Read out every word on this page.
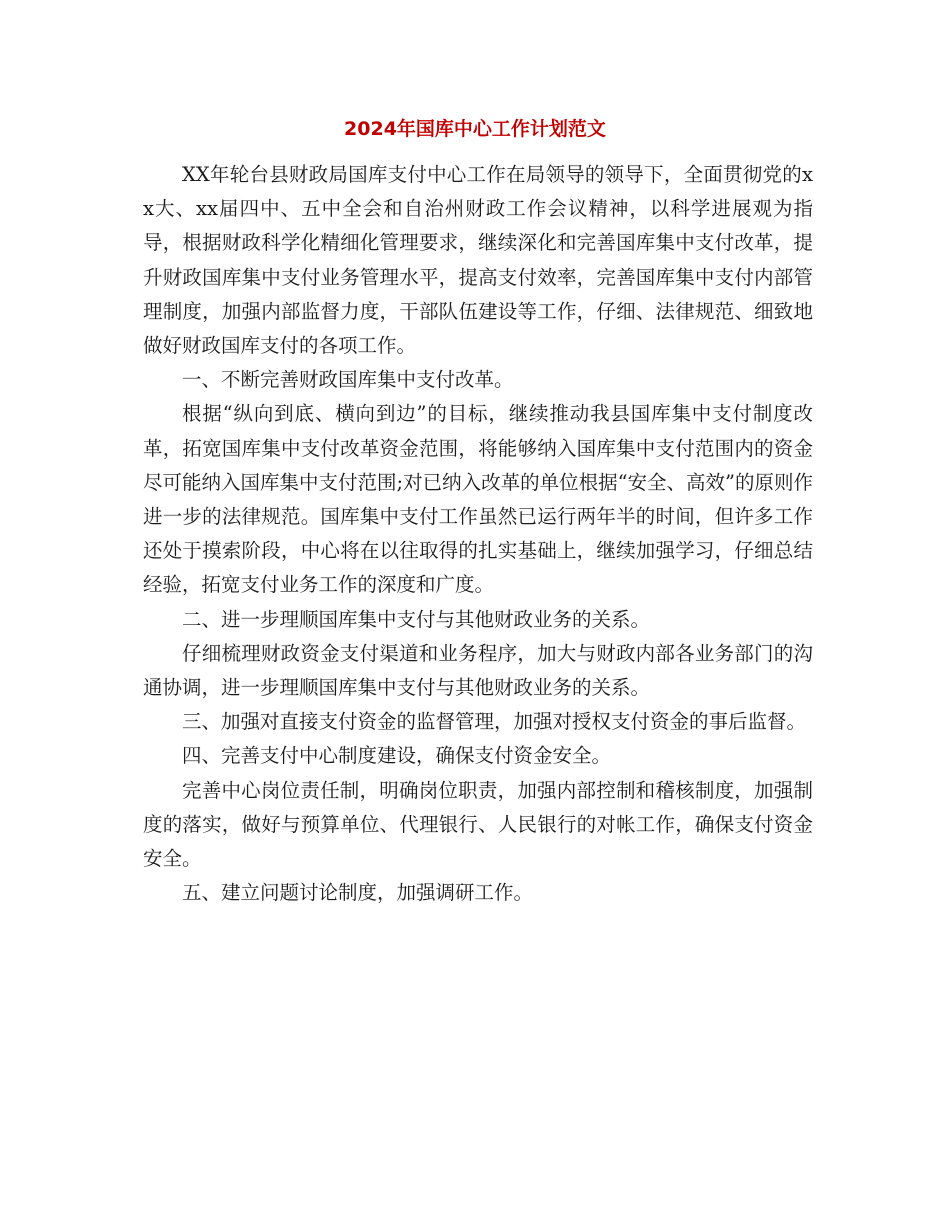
2024年国库中心工作计划范文

XX年轮台县财政局国库支付中心工作在局领导的领导下，全面贯彻党的xx大、xx届四中、五中全会和自治州财政工作会议精神，以科学进展观为指导，根据财政科学化精细化管理要求，继续深化和完善国库集中支付改革，提升财政国库集中支付业务管理水平，提高支付效率，完善国库集中支付内部管理制度，加强内部监督力度，干部队伍建设等工作，仔细、法律规范、细致地做好财政国库支付的各项工作。

一、不断完善财政国库集中支付改革。

根据“纵向到底、横向到边”的目标，继续推动我县国库集中支付制度改革，拓宽国库集中支付改革资金范围，将能够纳入国库集中支付范围内的资金尽可能纳入国库集中支付范围;对已纳入改革的单位根据“安全、高效”的原则作进一步的法律规范。国库集中支付工作虽然已运行两年半的时间，但许多工作还处于摸索阶段，中心将在以往取得的扎实基础上，继续加强学习，仔细总结经验，拓宽支付业务工作的深度和广度。

二、进一步理顺国库集中支付与其他财政业务的关系。

仔细梳理财政资金支付渠道和业务程序，加大与财政内部各业务部门的沟通协调，进一步理顺国库集中支付与其他财政业务的关系。

三、加强对直接支付资金的监督管理，加强对授权支付资金的事后监督。

四、完善支付中心制度建设，确保支付资金安全。

完善中心岗位责任制，明确岗位职责，加强内部控制和稽核制度，加强制度的落实，做好与预算单位、代理银行、人民银行的对帐工作，确保支付资金安全。

五、建立问题讨论制度，加强调研工作。
